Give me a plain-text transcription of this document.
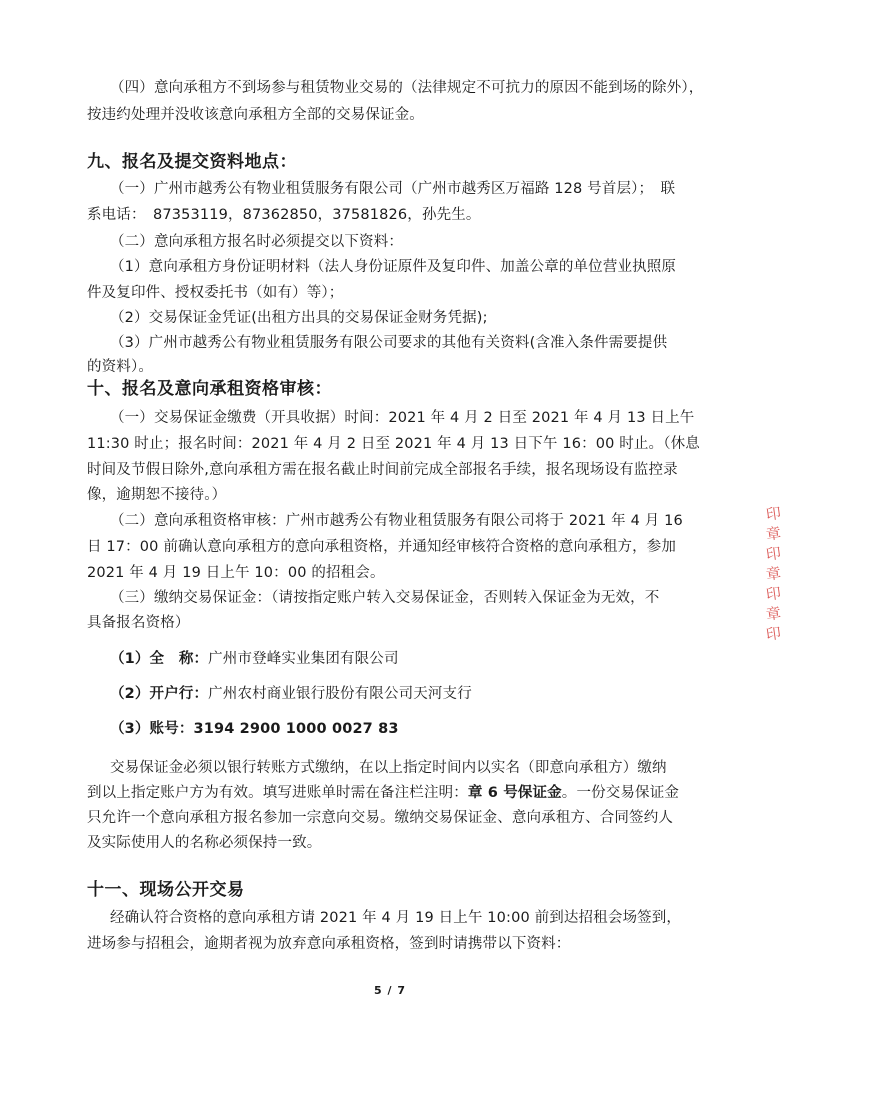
（四）意向承租方不到场参与租赁物业交易的（法律规定不可抗力的原因不能到场的除外），
按违约处理并没收该意向承租方全部的交易保证金。
九、报名及提交资料地点：
（一）广州市越秀公有物业租赁服务有限公司（广州市越秀区万福路 128 号首层）；　联
系电话：　87353119，87362850，37581826，孙先生。
（二）意向承租方报名时必须提交以下资料：
（1）意向承租方身份证明材料（法人身份证原件及复印件、加盖公章的单位营业执照原
件及复印件、授权委托书（如有）等）；
（2）交易保证金凭证(出租方出具的交易保证金财务凭据);
（3）广州市越秀公有物业租赁服务有限公司要求的其他有关资料(含准入条件需要提供
的资料）。
十、报名及意向承租资格审核：
（一）交易保证金缴费（开具收据）时间：2021 年 4 月 2 日至 2021 年 4 月 13 日上午
11:30 时止；报名时间：2021 年 4 月 2 日至 2021 年 4 月 13 日下午 16：00 时止。（休息
时间及节假日除外,意向承租方需在报名截止时间前完成全部报名手续，报名现场设有监控录
像，逾期恕不接待。）
（二）意向承租资格审核：广州市越秀公有物业租赁服务有限公司将于 2021 年 4 月 16
日 17：00 前确认意向承租方的意向承租资格，并通知经审核符合资格的意向承租方，参加
2021 年 4 月 19 日上午 10：00 的招租会。
（三）缴纳交易保证金：（请按指定账户转入交易保证金，否则转入保证金为无效，不
具备报名资格）
（1）全　称：广州市登峰实业集团有限公司
（2）开户行：广州农村商业银行股份有限公司天河支行
（3）账号：3194 2900 1000 0027 83
交易保证金必须以银行转账方式缴纳，在以上指定时间内以实名（即意向承租方）缴纳
到以上指定账户方为有效。填写进账单时需在备注栏注明：章 6 号保证金。一份交易保证金
只允许一个意向承租方报名参加一宗意向交易。缴纳交易保证金、意向承租方、合同签约人
及实际使用人的名称必须保持一致。
十一、现场公开交易
经确认符合资格的意向承租方请 2021 年 4 月 19 日上午 10:00 前到达招租会场签到，
进场参与招租会，逾期者视为放弃意向承租资格，签到时请携带以下资料：
5 / 7
印
章
印
章
印
章
印
